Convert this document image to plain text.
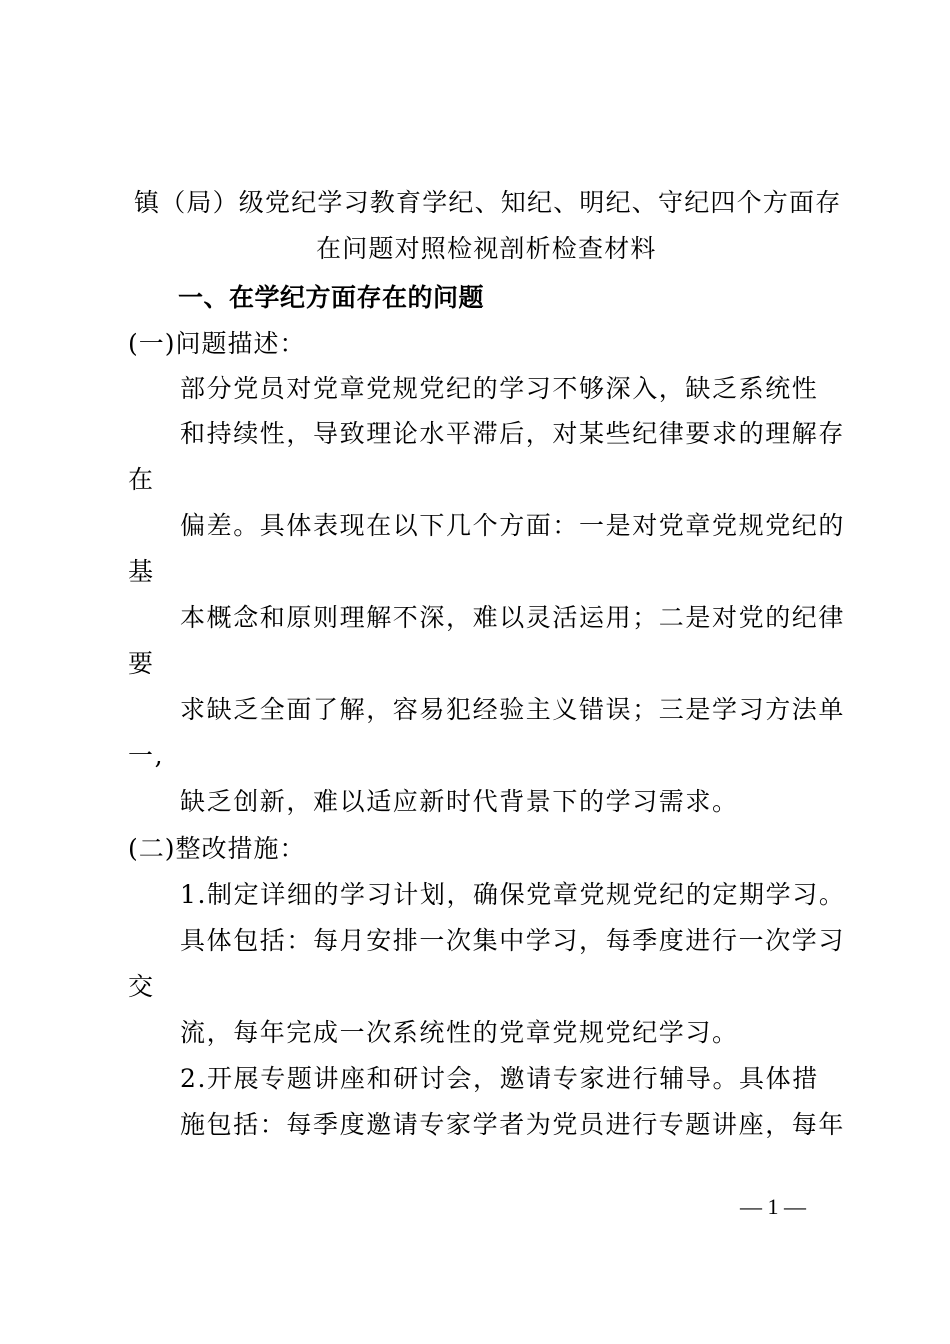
镇（局）级党纪学习教育学纪、知纪、明纪、守纪四个方面存
在问题对照检视剖析检查材料
一、在学纪方面存在的问题
(一)问题描述：
部分党员对党章党规党纪的学习不够深入，缺乏系统性
和持续性，导致理论水平滞后，对某些纪律要求的理解存
在
偏差。具体表现在以下几个方面：一是对党章党规党纪的
基
本概念和原则理解不深，难以灵活运用；二是对党的纪律
要
求缺乏全面了解，容易犯经验主义错误；三是学习方法单
一,
缺乏创新，难以适应新时代背景下的学习需求。
(二)整改措施：
1.制定详细的学习计划，确保党章党规党纪的定期学习。
具体包括：每月安排一次集中学习，每季度进行一次学习
交
流，每年完成一次系统性的党章党规党纪学习。
2.开展专题讲座和研讨会，邀请专家进行辅导。具体措
施包括：每季度邀请专家学者为党员进行专题讲座，每年
— 1 —
